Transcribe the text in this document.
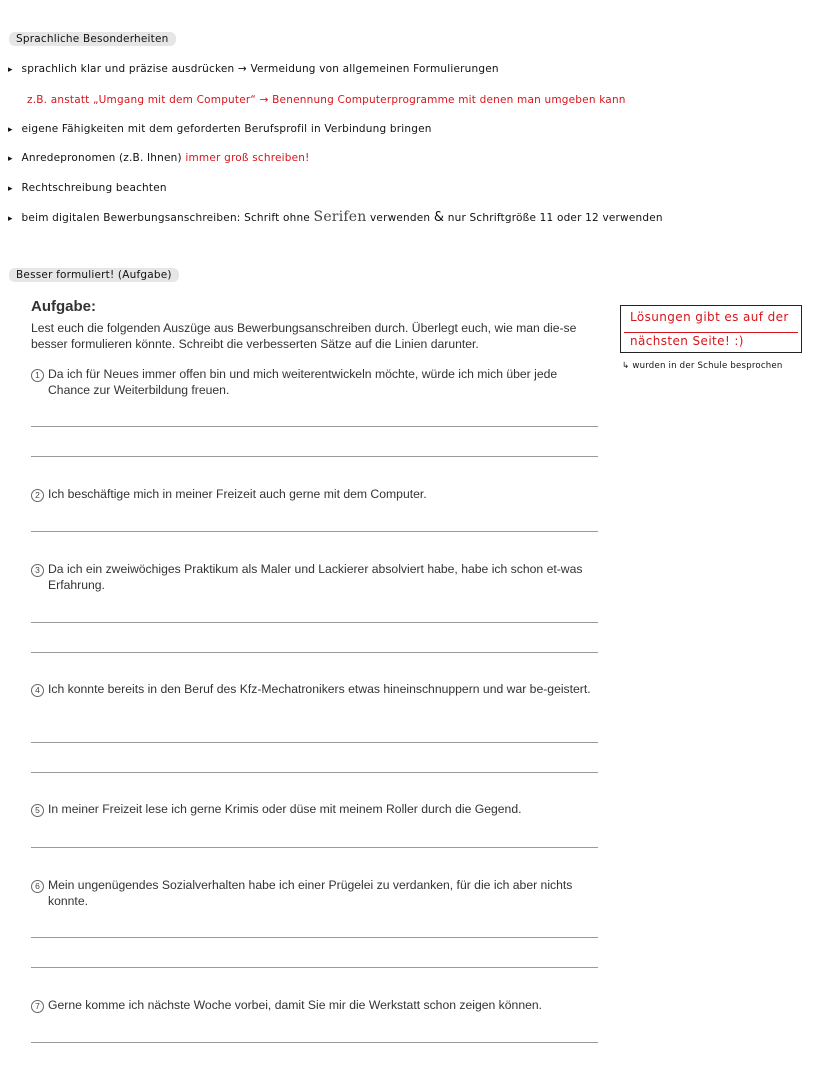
Sprachliche Besonderheiten
▸ sprachlich klar und präzise ausdrücken → Vermeidung von allgemeinen Formulierungen
z.B. anstatt „Umgang mit dem Computer“ → Benennung Computerprogramme mit denen man umgeben kann
▸ eigene Fähigkeiten mit dem geforderten Berufsprofil in Verbindung bringen
▸ Anredepronomen (z.B. Ihnen) immer groß schreiben!
▸ Rechtschreibung beachten
▸ beim digitalen Bewerbungsanschreiben: Schrift ohne Serifen verwenden & nur Schriftgröße 11 oder 12 verwenden
Besser formuliert! (Aufgabe)
Aufgabe:
Lest euch die folgenden Auszüge aus Bewerbungsanschreiben durch. Überlegt euch, wie man die-se besser formulieren könnte. Schreibt die verbesserten Sätze auf die Linien darunter.
1 Da ich für Neues immer offen bin und mich weiterentwickeln möchte, würde ich mich über jede Chance zur Weiterbildung freuen.
2 Ich beschäftige mich in meiner Freizeit auch gerne mit dem Computer.
3 Da ich ein zweiwöchiges Praktikum als Maler und Lackierer absolviert habe, habe ich schon et-was Erfahrung.
4 Ich konnte bereits in den Beruf des Kfz-Mechatronikers etwas hineinschnuppern und war be-geistert.
5 In meiner Freizeit lese ich gerne Krimis oder düse mit meinem Roller durch die Gegend.
6 Mein ungenügendes Sozialverhalten habe ich einer Prügelei zu verdanken, für die ich aber nichts konnte.
7 Gerne komme ich nächste Woche vorbei, damit Sie mir die Werkstatt schon zeigen können.
Lösungen gibt es auf der
nächsten Seite! :)
↳ wurden in der Schule besprochen
